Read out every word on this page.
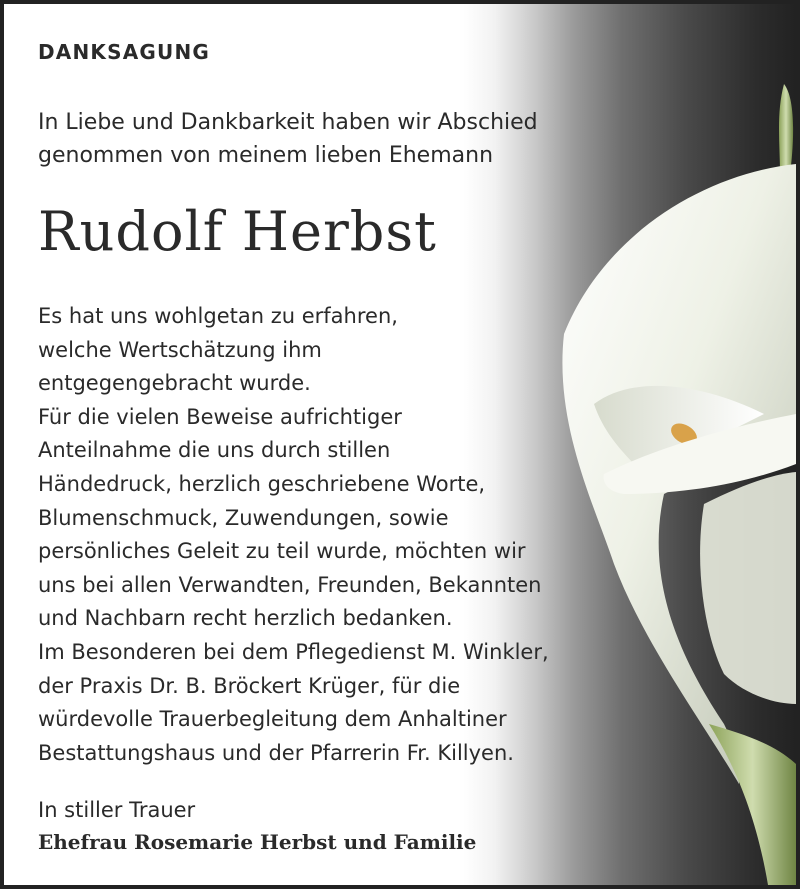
DANKSAGUNG
In Liebe und Dankbarkeit haben wir Abschied
genommen von meinem lieben Ehemann
Rudolf Herbst
Es hat uns wohlgetan zu erfahren,
welche Wertschätzung ihm
entgegengebracht wurde.
Für die vielen Beweise aufrichtiger
Anteilnahme die uns durch stillen
Händedruck, herzlich geschriebene Worte,
Blumenschmuck, Zuwendungen, sowie
persönliches Geleit zu teil wurde, möchten wir
uns bei allen Verwandten, Freunden, Bekannten
und Nachbarn recht herzlich bedanken.
Im Besonderen bei dem Pflegedienst M. Winkler,
der Praxis Dr. B. Bröckert Krüger, für die
würdevolle Trauerbegleitung dem Anhaltiner
Bestattungshaus und der Pfarrerin Fr. Killyen.
In stiller Trauer
Ehefrau Rosemarie Herbst und Familie
